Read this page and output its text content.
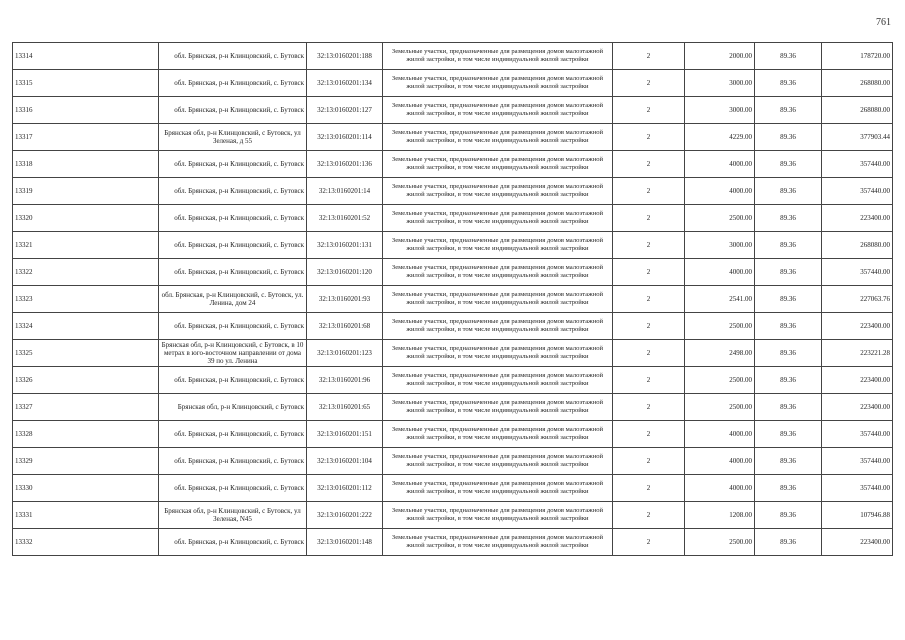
761
13314	обл. Брянская, р-н Клинцовский, с. Бутовск	32:13:0160201:188	Земельные участки, предназначенные для размещения домов малоэтажной жилой застройки, в том числе индивидуальной жилой застройки	2	2000.00	89.36	178720.00
13315	обл. Брянская, р-н Клинцовский, с. Бутовск	32:13:0160201:134	Земельные участки, предназначенные для размещения домов малоэтажной жилой застройки, в том числе индивидуальной жилой застройки	2	3000.00	89.36	268080.00
13316	обл. Брянская, р-н Клинцовский, с. Бутовск	32:13:0160201:127	Земельные участки, предназначенные для размещения домов малоэтажной жилой застройки, в том числе индивидуальной жилой застройки	2	3000.00	89.36	268080.00
13317	Брянская обл, р-н Клинцовский, с Бутовск, ул Зеленая, д 55	32:13:0160201:114	Земельные участки, предназначенные для размещения домов малоэтажной жилой застройки, в том числе индивидуальной жилой застройки	2	4229.00	89.36	377903.44
13318	обл. Брянская, р-н Клинцовский, с. Бутовск	32:13:0160201:136	Земельные участки, предназначенные для размещения домов малоэтажной жилой застройки, в том числе индивидуальной жилой застройки	2	4000.00	89.36	357440.00
13319	обл. Брянская, р-н Клинцовский, с. Бутовск	32:13:0160201:14	Земельные участки, предназначенные для размещения домов малоэтажной жилой застройки, в том числе индивидуальной жилой застройки	2	4000.00	89.36	357440.00
13320	обл. Брянская, р-н Клинцовский, с. Бутовск	32:13:0160201:52	Земельные участки, предназначенные для размещения домов малоэтажной жилой застройки, в том числе индивидуальной жилой застройки	2	2500.00	89.36	223400.00
13321	обл. Брянская, р-н Клинцовский, с. Бутовск	32:13:0160201:131	Земельные участки, предназначенные для размещения домов малоэтажной жилой застройки, в том числе индивидуальной жилой застройки	2	3000.00	89.36	268080.00
13322	обл. Брянская, р-н Клинцовский, с. Бутовск	32:13:0160201:120	Земельные участки, предназначенные для размещения домов малоэтажной жилой застройки, в том числе индивидуальной жилой застройки	2	4000.00	89.36	357440.00
13323	обл. Брянская, р-н Клинцовский, с. Бутовск, ул. Ленина, дом 24	32:13:0160201:93	Земельные участки, предназначенные для размещения домов малоэтажной жилой застройки, в том числе индивидуальной жилой застройки	2	2541.00	89.36	227063.76
13324	обл. Брянская, р-н Клинцовский, с. Бутовск	32:13:0160201:68	Земельные участки, предназначенные для размещения домов малоэтажной жилой застройки, в том числе индивидуальной жилой застройки	2	2500.00	89.36	223400.00
13325	Брянская обл, р-н Клинцовский, с Бутовск, в 10 метрах в юго-восточном направлении от дома 39 по ул. Ленина	32:13:0160201:123	Земельные участки, предназначенные для размещения домов малоэтажной жилой застройки, в том числе индивидуальной жилой застройки	2	2498.00	89.36	223221.28
13326	обл. Брянская, р-н Клинцовский, с. Бутовск	32:13:0160201:96	Земельные участки, предназначенные для размещения домов малоэтажной жилой застройки, в том числе индивидуальной жилой застройки	2	2500.00	89.36	223400.00
13327	Брянская обл, р-н Клинцовский, с Бутовск	32:13:0160201:65	Земельные участки, предназначенные для размещения домов малоэтажной жилой застройки, в том числе индивидуальной жилой застройки	2	2500.00	89.36	223400.00
13328	обл. Брянская, р-н Клинцовский, с. Бутовск	32:13:0160201:151	Земельные участки, предназначенные для размещения домов малоэтажной жилой застройки, в том числе индивидуальной жилой застройки	2	4000.00	89.36	357440.00
13329	обл. Брянская, р-н Клинцовский, с. Бутовск	32:13:0160201:104	Земельные участки, предназначенные для размещения домов малоэтажной жилой застройки, в том числе индивидуальной жилой застройки	2	4000.00	89.36	357440.00
13330	обл. Брянская, р-н Клинцовский, с. Бутовск	32:13:0160201:112	Земельные участки, предназначенные для размещения домов малоэтажной жилой застройки, в том числе индивидуальной жилой застройки	2	4000.00	89.36	357440.00
13331	Брянская обл, р-н Клинцовский, с Бутовск, ул Зеленая, N45	32:13:0160201:222	Земельные участки, предназначенные для размещения домов малоэтажной жилой застройки, в том числе индивидуальной жилой застройки	2	1208.00	89.36	107946.88
13332	обл. Брянская, р-н Клинцовский, с. Бутовск	32:13:0160201:148	Земельные участки, предназначенные для размещения домов малоэтажной жилой застройки, в том числе индивидуальной жилой застройки	2	2500.00	89.36	223400.00
